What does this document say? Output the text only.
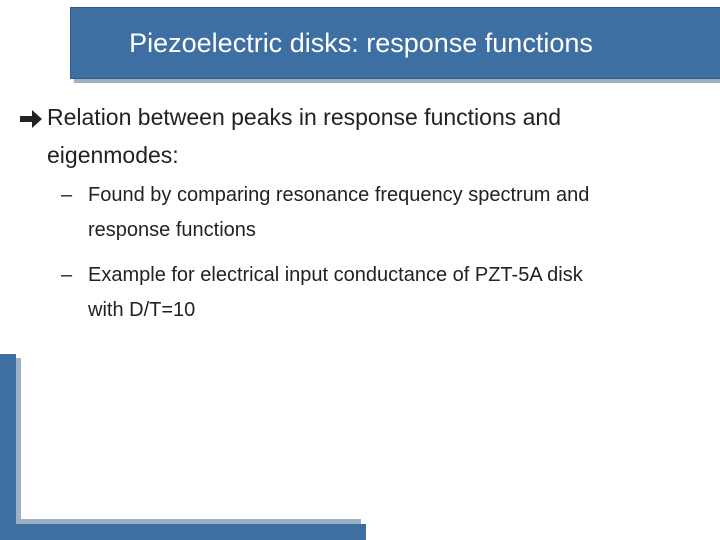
Piezoelectric disks: response functions
Relation between peaks in response functions and
eigenmodes:
– Found by comparing resonance frequency spectrum and
response functions
– Example for electrical input conductance of PZT-5A disk
with D/T=10
